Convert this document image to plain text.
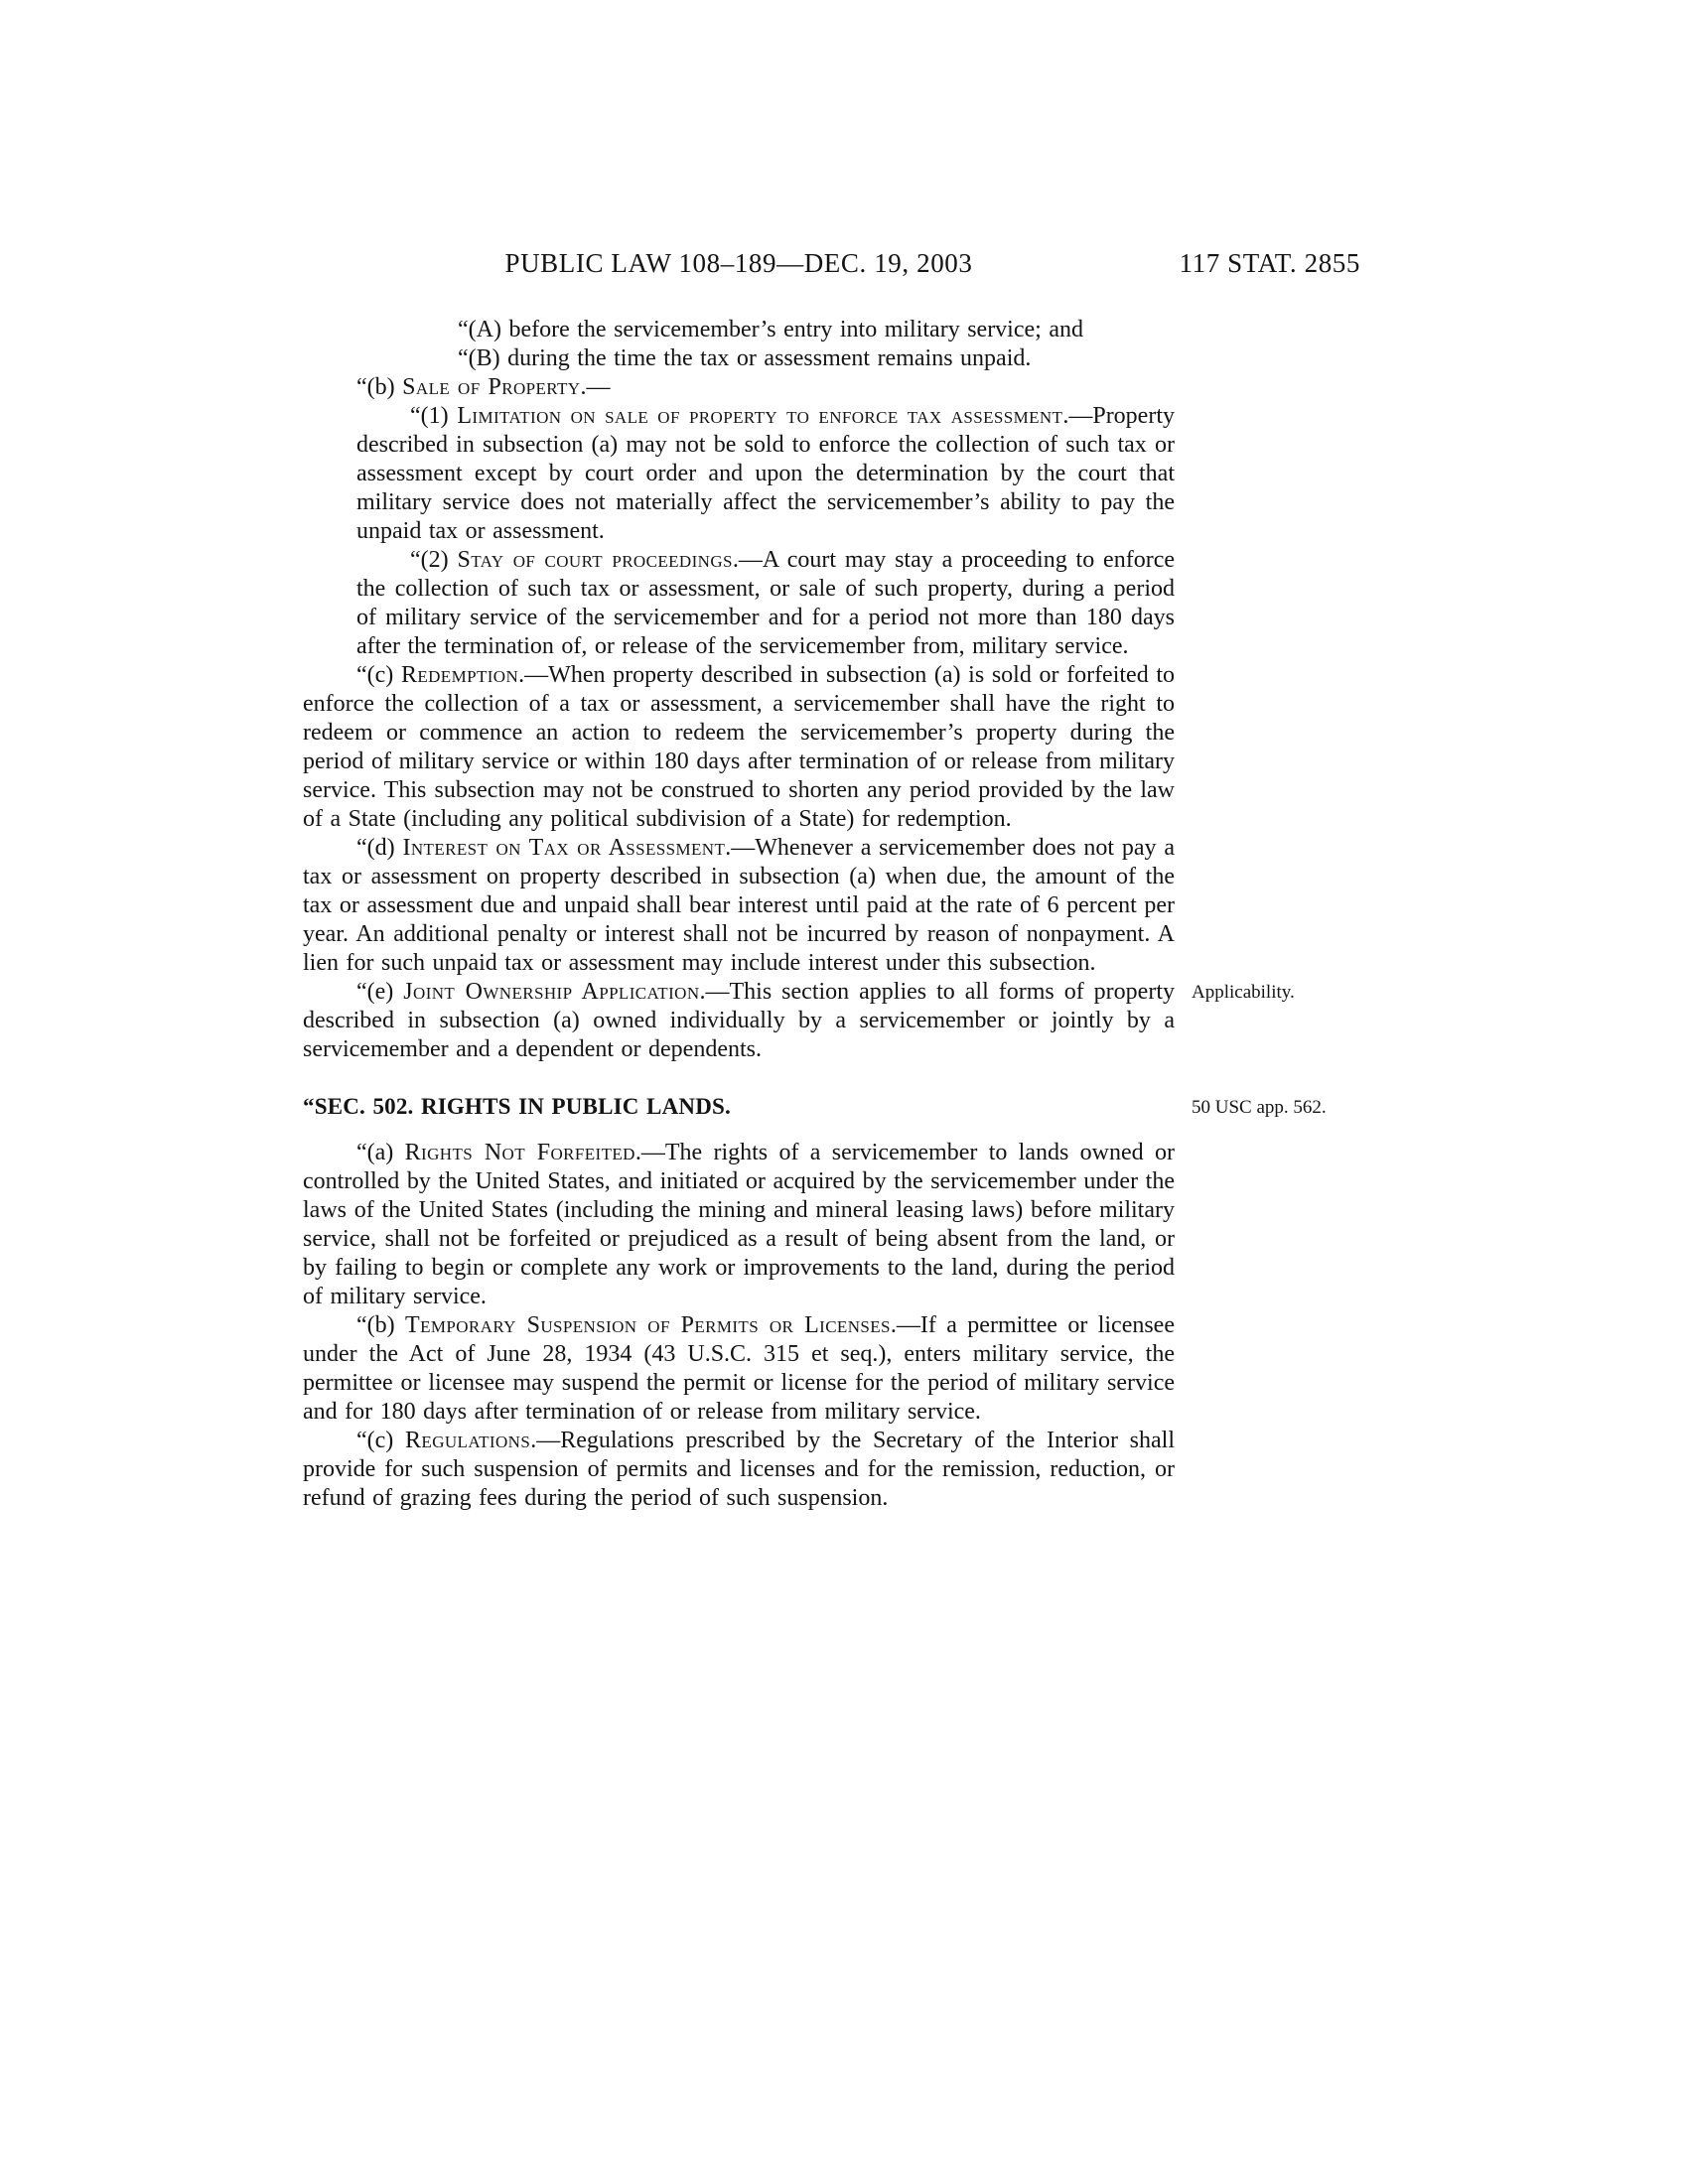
PUBLIC LAW 108–189—DEC. 19, 2003	117 STAT. 2855

“(A) before the servicemember’s entry into military service; and

“(B) during the time the tax or assessment remains unpaid.

“(b) Sale of Property.—

“(1) Limitation on sale of property to enforce tax assessment.—Property described in subsection (a) may not be sold to enforce the collection of such tax or assessment except by court order and upon the determination by the court that military service does not materially affect the servicemember’s ability to pay the unpaid tax or assessment.

“(2) Stay of court proceedings.—A court may stay a proceeding to enforce the collection of such tax or assessment, or sale of such property, during a period of military service of the servicemember and for a period not more than 180 days after the termination of, or release of the servicemember from, military service.

“(c) Redemption.—When property described in subsection (a) is sold or forfeited to enforce the collection of a tax or assessment, a servicemember shall have the right to redeem or commence an action to redeem the servicemember’s property during the period of military service or within 180 days after termination of or release from military service. This subsection may not be construed to shorten any period provided by the law of a State (including any political subdivision of a State) for redemption.

“(d) Interest on Tax or Assessment.—Whenever a servicemember does not pay a tax or assessment on property described in subsection (a) when due, the amount of the tax or assessment due and unpaid shall bear interest until paid at the rate of 6 percent per year. An additional penalty or interest shall not be incurred by reason of nonpayment. A lien for such unpaid tax or assessment may include interest under this subsection.

“(e) Joint Ownership Application.—This section applies to all forms of property described in subsection (a) owned individually by a servicemember or jointly by a servicemember and a dependent or dependents.
Applicability.

“SEC. 502. RIGHTS IN PUBLIC LANDS.	50 USC app. 562.

“(a) Rights Not Forfeited.—The rights of a servicemember to lands owned or controlled by the United States, and initiated or acquired by the servicemember under the laws of the United States (including the mining and mineral leasing laws) before military service, shall not be forfeited or prejudiced as a result of being absent from the land, or by failing to begin or complete any work or improvements to the land, during the period of military service.

“(b) Temporary Suspension of Permits or Licenses.—If a permittee or licensee under the Act of June 28, 1934 (43 U.S.C. 315 et seq.), enters military service, the permittee or licensee may suspend the permit or license for the period of military service and for 180 days after termination of or release from military service.

“(c) Regulations.—Regulations prescribed by the Secretary of the Interior shall provide for such suspension of permits and licenses and for the remission, reduction, or refund of grazing fees during the period of such suspension.
